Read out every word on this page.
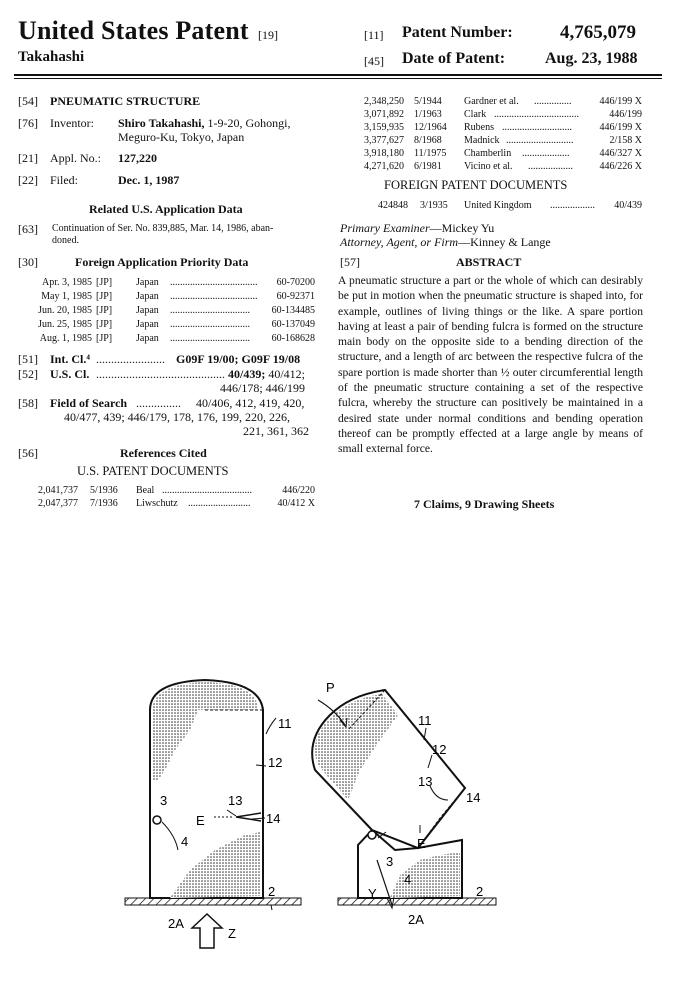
United States Patent [19]
Takahashi
[11] Patent Number: 4,765,079
[45] Date of Patent: Aug. 23, 1988
[54] PNEUMATIC STRUCTURE
[76] Inventor: Shiro Takahashi, 1-9-20, Gohongi,
Meguro-Ku, Tokyo, Japan
[21] Appl. No.: 127,220
[22] Filed:	Dec. 1, 1987
Related U.S. Application Data
[63] Continuation of Ser. No. 839,885, Mar. 14, 1986, aban-
doned.
[30]	Foreign Application Priority Data
Apr. 3, 1985 [JP] Japan ...................................	60-70200
May 1, 1985 [JP] Japan ...................................	60-92371
Jun. 20, 1985 [JP] Japan ................................	60-134485
Jun. 25, 1985 [JP] Japan ................................	60-137049
Aug. 1, 1985 [JP] Japan ................................	60-168628
[51] Int. Cl.⁴ ....................... G09F 19/00; G09F 19/08
[52] U.S. Cl. ........................................... 40/439; 40/412;
446/178; 446/199
[58] Field of Search ............... 40/406, 412, 419, 420,
40/477, 439; 446/179, 178, 176, 199, 220, 226,
221, 361, 362
[56]	References Cited
U.S. PATENT DOCUMENTS
2,041,737 5/1936 Beal ....................................	446/220
2,047,377 7/1936 Liwschutz .........................	40/412 X
2,348,250 5/1944 Gardner et al. ...............	446/199 X
3,071,892 1/1963 Clark ..................................	446/199
3,159,935 12/1964 Rubens ............................	446/199 X
3,377,627 8/1968 Madnick ...........................	2/158 X
3,918,180 11/1975 Chamberlin ...................	446/327 X
4,271,620 6/1981 Vicino et al. ..................	446/226 X
FOREIGN PATENT DOCUMENTS
424848 3/1935 United Kingdom ..................	40/439
Primary Examiner—Mickey Yu
Attorney, Agent, or Firm—Kinney & Lange
[57]	ABSTRACT
A pneumatic structure a part or the whole of which can desirably be put in motion when the pneumatic structure is shaped into, for example, outlines of living things or the like. A spare portion having at least a pair of bending fulcra is formed on the structure main body on the opposite side to a bending direction of the structure, and a length of arc between the respective fulcra of the spare portion is made shorter than ½ outer circumferential length of the pneumatic structure containing a set of the respective fulcra, whereby the structure can positively be maintained in a desired state under normal conditions and bending operation thereof can be promptly effected at a large angle by means of small external force.
7 Claims, 9 Drawing Sheets
11
12
3
4
13
14
E
2
2A
Z
P
11
12
13
14
E
3
4
Y	2
2A
